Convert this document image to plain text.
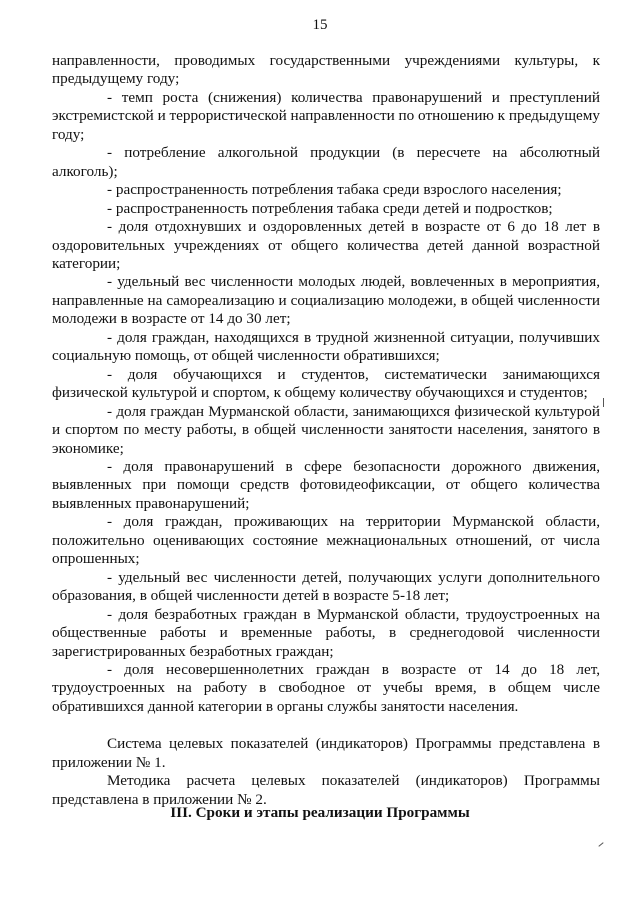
15

направленности, проводимых государственными учреждениями культуры, к предыдущему году;

- темп роста (снижения) количества правонарушений и преступлений экстремистской и террористической направленности по отношению к предыдущему году;

- потребление алкогольной продукции (в пересчете на абсолютный алкоголь);

- распространенность потребления табака среди взрослого населения;

- распространенность потребления табака среди детей и подростков;

- доля отдохнувших и оздоровленных детей в возрасте от 6 до 18 лет в оздоровительных учреждениях от общего количества детей данной возрастной категории;

- удельный вес численности молодых людей, вовлеченных в мероприятия, направленные на самореализацию и социализацию молодежи, в общей численности молодежи в возрасте от 14 до 30 лет;

- доля граждан, находящихся в трудной жизненной ситуации, получивших социальную помощь, от общей численности обратившихся;

- доля обучающихся и студентов, систематически занимающихся физической культурой и спортом, к общему количеству обучающихся и студентов;

- доля граждан Мурманской области, занимающихся физической культурой и спортом по месту работы, в общей численности занятости населения, занятого в экономике;

- доля правонарушений в сфере безопасности дорожного движения, выявленных при помощи средств фотовидеофиксации, от общего количества выявленных правонарушений;

- доля граждан, проживающих на территории Мурманской области, положительно оценивающих состояние межнациональных отношений, от числа опрошенных;

- удельный вес численности детей, получающих услуги дополнительного образования, в общей численности детей в возрасте 5-18 лет;

- доля безработных граждан в Мурманской области, трудоустроенных на общественные работы и временные работы, в среднегодовой численности зарегистрированных безработных граждан;

- доля несовершеннолетних граждан в возрасте от 14 до 18 лет, трудоустроенных на работу в свободное от учебы время, в общем числе обратившихся данной категории в органы службы занятости населения.

Система целевых показателей (индикаторов) Программы представлена в приложении № 1.

Методика расчета целевых показателей (индикаторов) Программы представлена в приложении № 2.

III. Сроки и этапы реализации Программы
